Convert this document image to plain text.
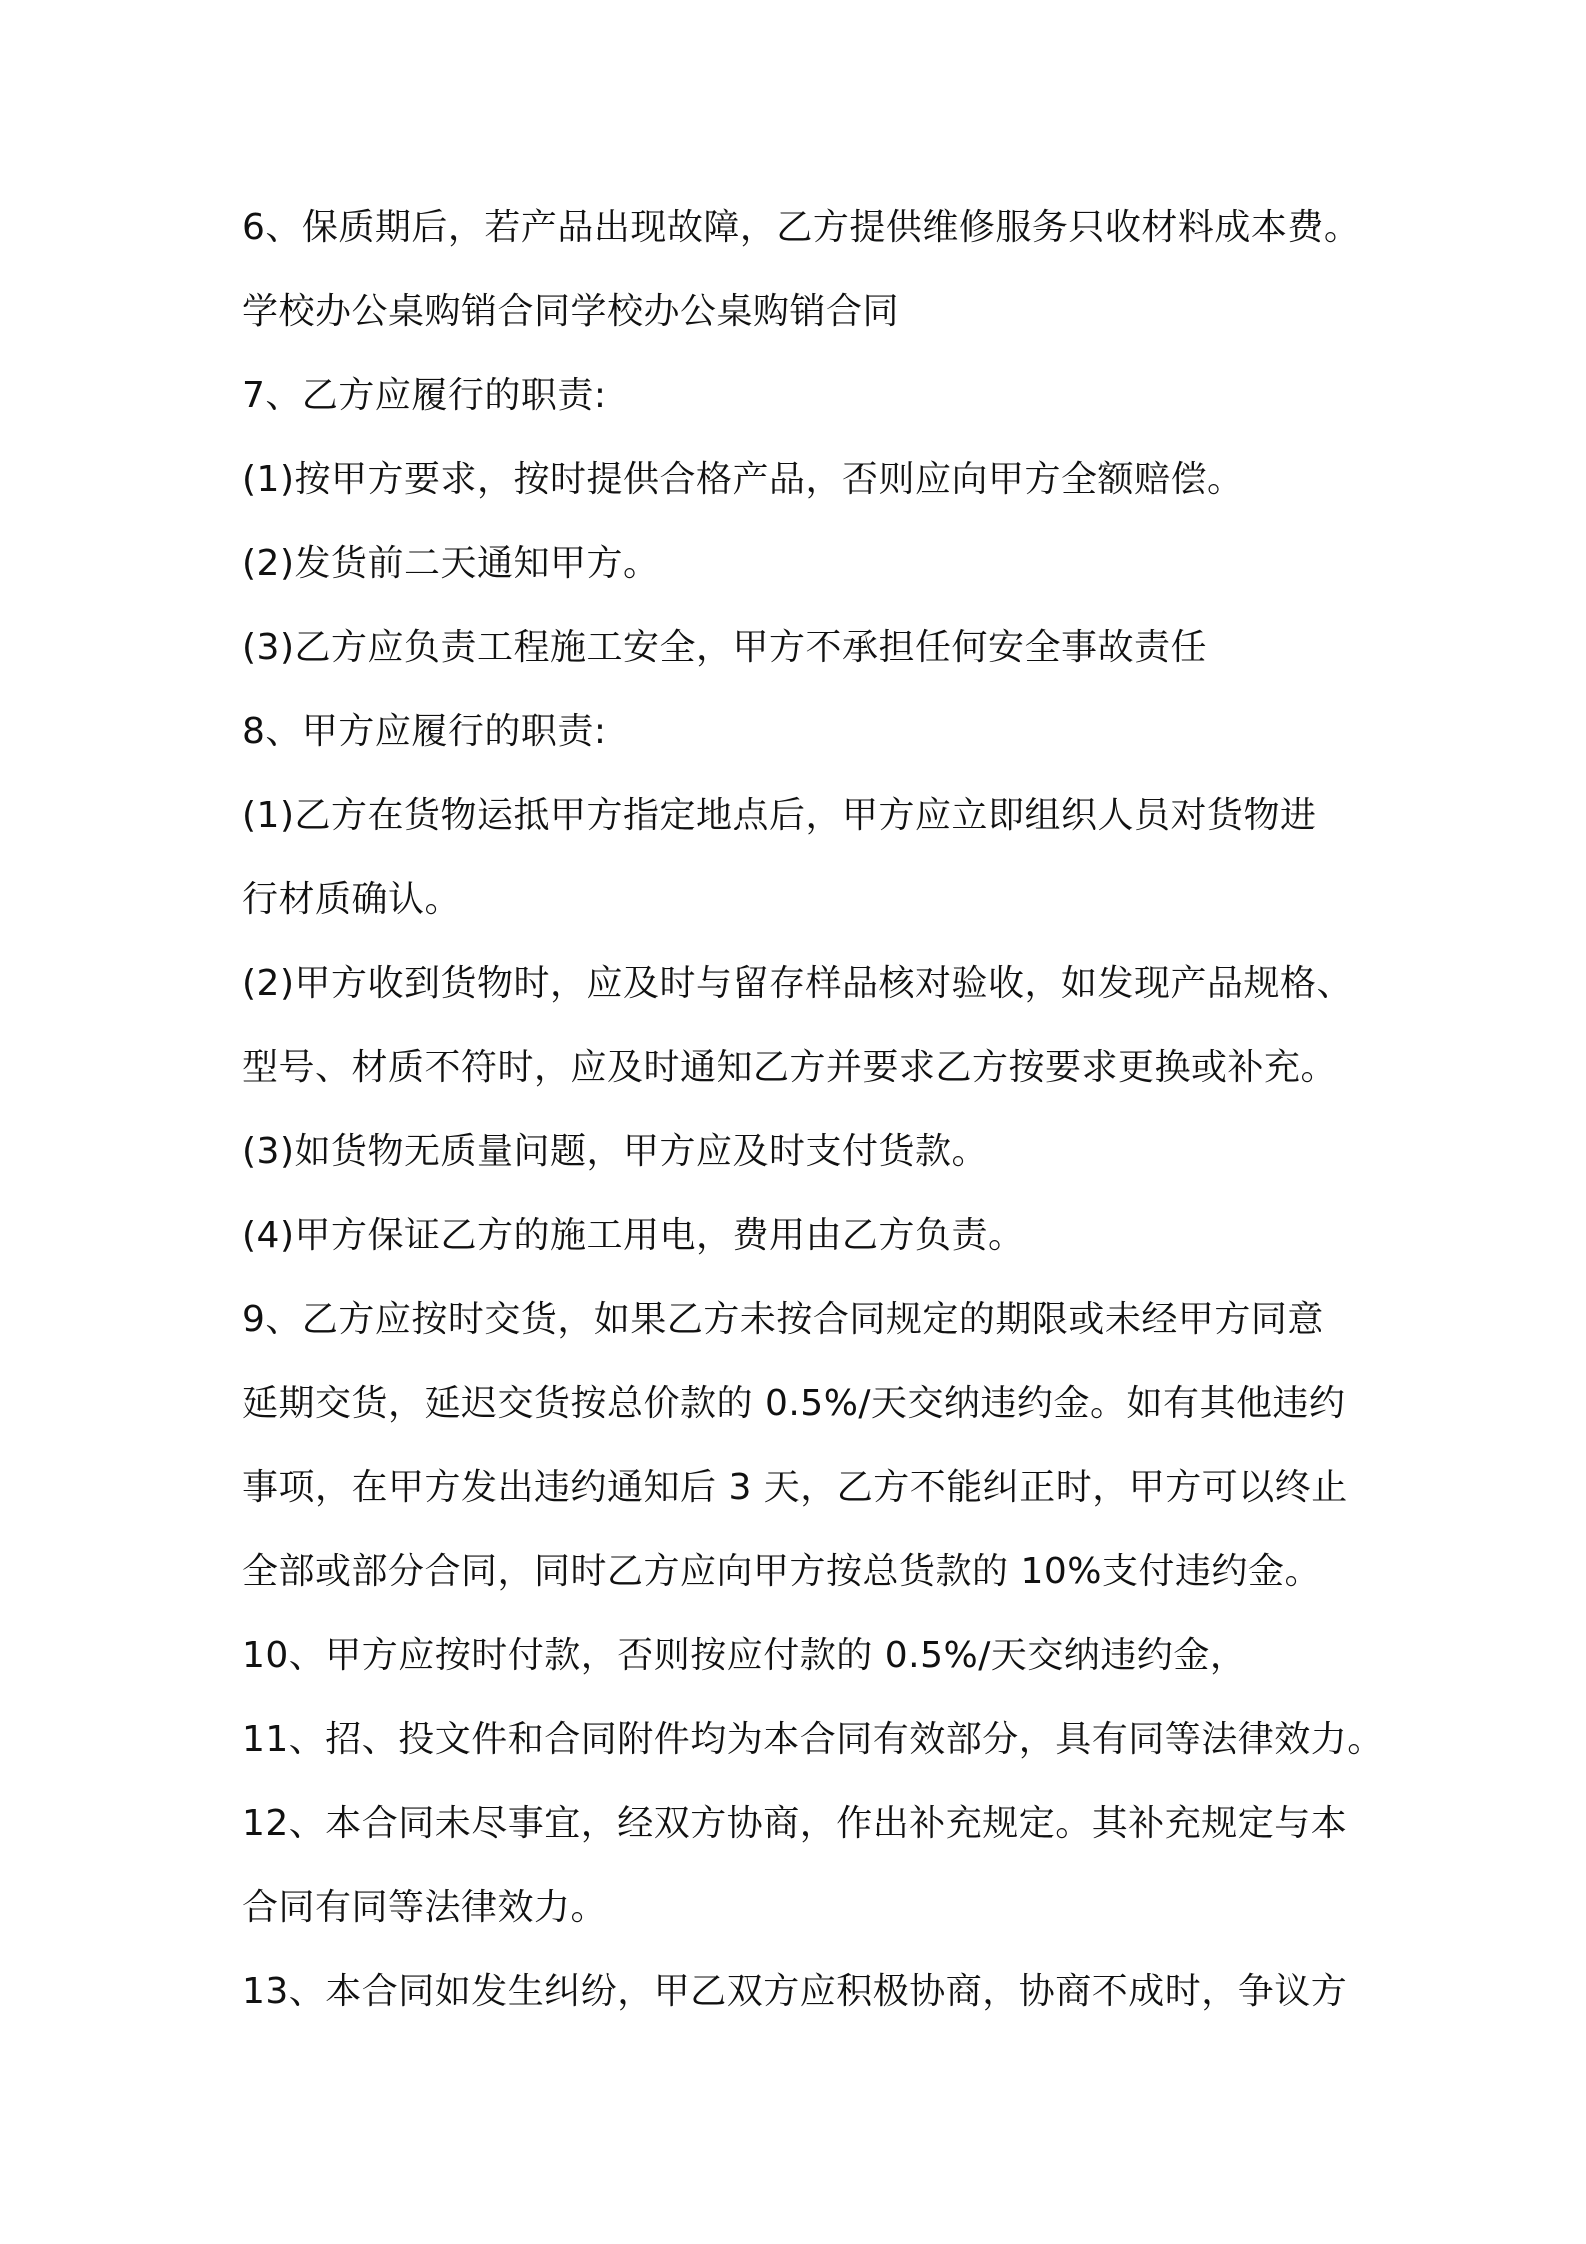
6、保质期后，若产品出现故障，乙方提供维修服务只收材料成本费。

学校办公桌购销合同学校办公桌购销合同

7、乙方应履行的职责:

(1)按甲方要求，按时提供合格产品，否则应向甲方全额赔偿。

(2)发货前二天通知甲方。

(3)乙方应负责工程施工安全，甲方不承担任何安全事故责任

8、甲方应履行的职责:

(1)乙方在货物运抵甲方指定地点后，甲方应立即组织人员对货物进

行材质确认。

(2)甲方收到货物时，应及时与留存样品核对验收，如发现产品规格、

型号、材质不符时，应及时通知乙方并要求乙方按要求更换或补充。

(3)如货物无质量问题，甲方应及时支付货款。

(4)甲方保证乙方的施工用电，费用由乙方负责。

9、乙方应按时交货，如果乙方未按合同规定的期限或未经甲方同意

延期交货，延迟交货按总价款的 0.5%/天交纳违约金。如有其他违约

事项，在甲方发出违约通知后 3 天，乙方不能纠正时，甲方可以终止

全部或部分合同，同时乙方应向甲方按总货款的 10%支付违约金。

10、甲方应按时付款，否则按应付款的 0.5%/天交纳违约金，

11、招、投文件和合同附件均为本合同有效部分，具有同等法律效力。

12、本合同未尽事宜，经双方协商，作出补充规定。其补充规定与本

合同有同等法律效力。

13、本合同如发生纠纷，甲乙双方应积极协商，协商不成时，争议方
